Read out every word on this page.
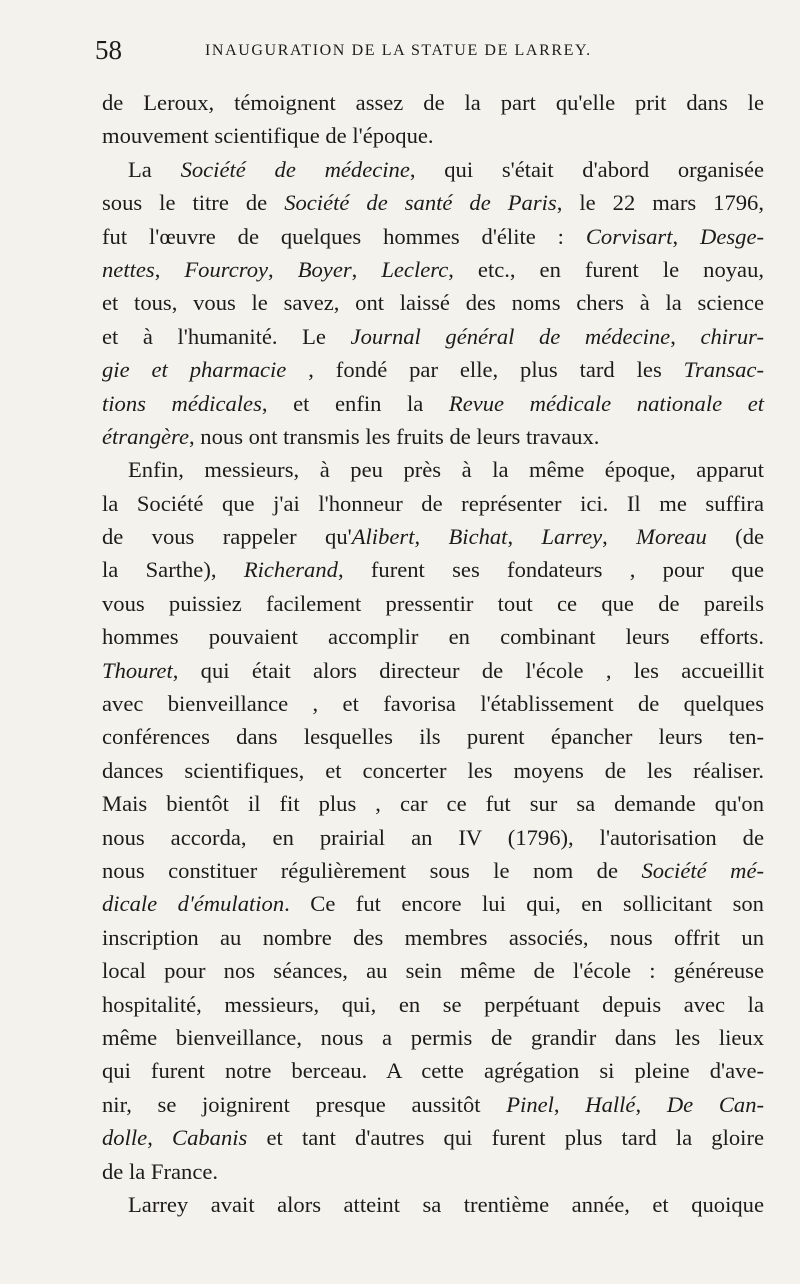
58	INAUGURATION DE LA STATUE DE LARREY.
de Leroux, témoignent assez de la part qu'elle prit dans le
mouvement scientifique de l'époque.
La Société de médecine, qui s'était d'abord organisée
sous le titre de Société de santé de Paris, le 22 mars 1796,
fut l'œuvre de quelques hommes d'élite : Corvisart, Desge-
nettes, Fourcroy, Boyer, Leclerc, etc., en furent le noyau,
et tous, vous le savez, ont laissé des noms chers à la science
et à l'humanité. Le Journal général de médecine, chirur-
gie et pharmacie , fondé par elle, plus tard les Transac-
tions médicales, et enfin la Revue médicale nationale et
étrangère, nous ont transmis les fruits de leurs travaux.
Enfin, messieurs, à peu près à la même époque, apparut
la Société que j'ai l'honneur de représenter ici. Il me suffira
de vous rappeler qu'Alibert, Bichat, Larrey, Moreau (de
la Sarthe), Richerand, furent ses fondateurs , pour que
vous puissiez facilement pressentir tout ce que de pareils
hommes pouvaient accomplir en combinant leurs efforts.
Thouret, qui était alors directeur de l'école , les accueillit
avec bienveillance , et favorisa l'établissement de quelques
conférences dans lesquelles ils purent épancher leurs ten-
dances scientifiques, et concerter les moyens de les réaliser.
Mais bientôt il fit plus , car ce fut sur sa demande qu'on
nous accorda, en prairial an IV (1796), l'autorisation de
nous constituer régulièrement sous le nom de Société mé-
dicale d'émulation. Ce fut encore lui qui, en sollicitant son
inscription au nombre des membres associés, nous offrit un
local pour nos séances, au sein même de l'école : généreuse
hospitalité, messieurs, qui, en se perpétuant depuis avec la
même bienveillance, nous a permis de grandir dans les lieux
qui furent notre berceau. A cette agrégation si pleine d'ave-
nir, se joignirent presque aussitôt Pinel, Hallé, De Can-
dolle, Cabanis et tant d'autres qui furent plus tard la gloire
de la France.
Larrey avait alors atteint sa trentième année, et quoique
